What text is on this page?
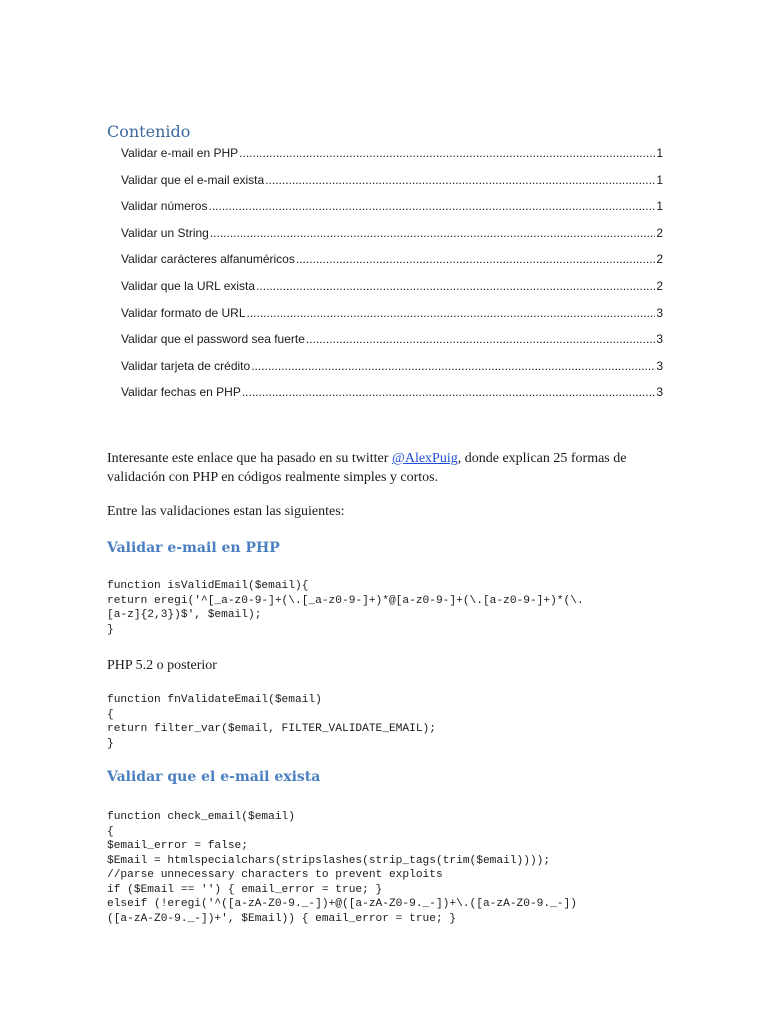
Contenido
Validar e-mail en PHP .....	1
Validar que el e-mail exista .....	1
Validar números .....	1
Validar un String .....	2
Validar carácteres alfanuméricos .....	2
Validar que la URL exista .....	2
Validar formato de URL .....	3
Validar que el password sea fuerte .....	3
Validar tarjeta de crédito .....	3
Validar fechas en PHP .....	3

Interesante este enlace que ha pasado en su twitter @AlexPuig, donde explican 25 formas de validación con PHP en códigos realmente simples y cortos.

Entre las validaciones estan las siguientes:

Validar e-mail en PHP
function isValidEmail($email){
return eregi('^[_a-z0-9-]+(\.[_a-z0-9-]+)*@[a-z0-9-]+(\.[a-z0-9-]+)*(\.
[a-z]{2,3})$', $email);
}

PHP 5.2 o posterior

function fnValidateEmail($email)
{
return filter_var($email, FILTER_VALIDATE_EMAIL);
}
Validar que el e-mail exista
function check_email($email)
{
$email_error = false;
$Email = htmlspecialchars(stripslashes(strip_tags(trim($email))));
//parse unnecessary characters to prevent exploits
if ($Email == '') { email_error = true; }
elseif (!eregi('^([a-zA-Z0-9._-])+@([a-zA-Z0-9._-])+\.([a-zA-Z0-9._-])
([a-zA-Z0-9._-])+', $Email)) { email_error = true; }
